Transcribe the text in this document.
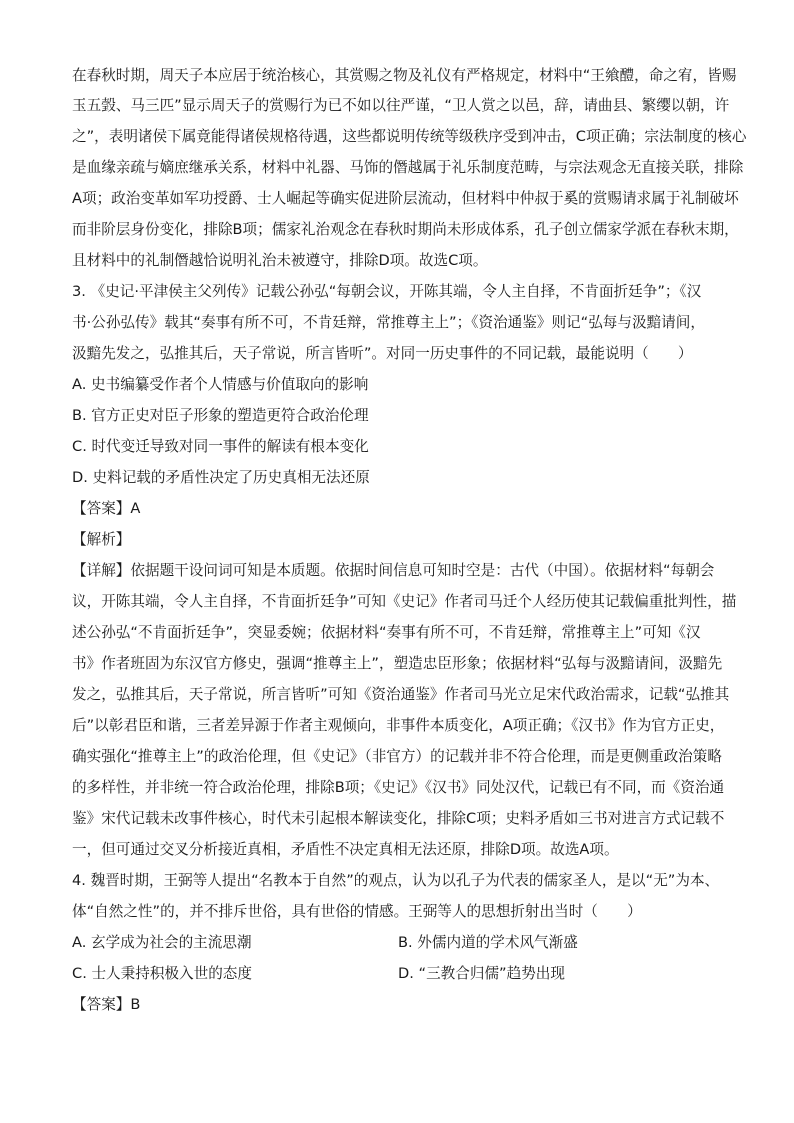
在春秋时期，周天子本应居于统治核心，其赏赐之物及礼仪有严格规定，材料中“王飨醴，命之宥，皆赐
玉五瑴、马三匹”显示周天子的赏赐行为已不如以往严谨，“卫人赏之以邑，辞，请曲县、繁缨以朝，许
之”，表明诸侯下属竟能得诸侯规格待遇，这些都说明传统等级秩序受到冲击，C项正确；宗法制度的核心
是血缘亲疏与嫡庶继承关系，材料中礼器、马饰的僭越属于礼乐制度范畴，与宗法观念无直接关联，排除
A项；政治变革如军功授爵、士人崛起等确实促进阶层流动，但材料中仲叔于奚的赏赐请求属于礼制破坏
而非阶层身份变化，排除B项；儒家礼治观念在春秋时期尚未形成体系，孔子创立儒家学派在春秋末期，
且材料中的礼制僭越恰说明礼治未被遵守，排除D项。故选C项。
3. 《史记·平津侯主父列传》记载公孙弘“每朝会议，开陈其端，令人主自择，不肯面折廷争”；《汉
书·公孙弘传》载其“奏事有所不可，不肯廷辩，常推尊主上”；《资治通鉴》则记“弘每与汲黯请间，
汲黯先发之，弘推其后，天子常说，所言皆听”。对同一历史事件的不同记载，最能说明（　　）
A. 史书编纂受作者个人情感与价值取向的影响
B. 官方正史对臣子形象的塑造更符合政治伦理
C. 时代变迁导致对同一事件的解读有根本变化
D. 史料记载的矛盾性决定了历史真相无法还原
【答案】A
【解析】
【详解】依据题干设问词可知是本质题。依据时间信息可知时空是：古代（中国）。依据材料“每朝会
议，开陈其端，令人主自择，不肯面折廷争”可知《史记》作者司马迁个人经历使其记载偏重批判性，描
述公孙弘“不肯面折廷争”，突显委婉；依据材料“奏事有所不可，不肯廷辩，常推尊主上”可知《汉
书》作者班固为东汉官方修史，强调“推尊主上”，塑造忠臣形象；依据材料“弘每与汲黯请间，汲黯先
发之，弘推其后，天子常说，所言皆听”可知《资治通鉴》作者司马光立足宋代政治需求，记载“弘推其
后”以彰君臣和谐，三者差异源于作者主观倾向，非事件本质变化，A项正确；《汉书》作为官方正史，
确实强化“推尊主上”的政治伦理，但《史记》（非官方）的记载并非不符合伦理，而是更侧重政治策略
的多样性，并非统一符合政治伦理，排除B项；《史记》《汉书》同处汉代，记载已有不同，而《资治通
鉴》宋代记载未改事件核心，时代未引起根本解读变化，排除C项；史料矛盾如三书对进言方式记载不
一，但可通过交叉分析接近真相，矛盾性不决定真相无法还原，排除D项。故选A项。
4. 魏晋时期，王弼等人提出“名教本于自然”的观点，认为以孔子为代表的儒家圣人，是以“无”为本、
体“自然之性”的，并不排斥世俗，具有世俗的情感。王弼等人的思想折射出当时（　　）
A. 玄学成为社会的主流思潮	B. 外儒内道的学术风气渐盛
C. 士人秉持积极入世的态度	D. “三教合归儒”趋势出现
【答案】B
